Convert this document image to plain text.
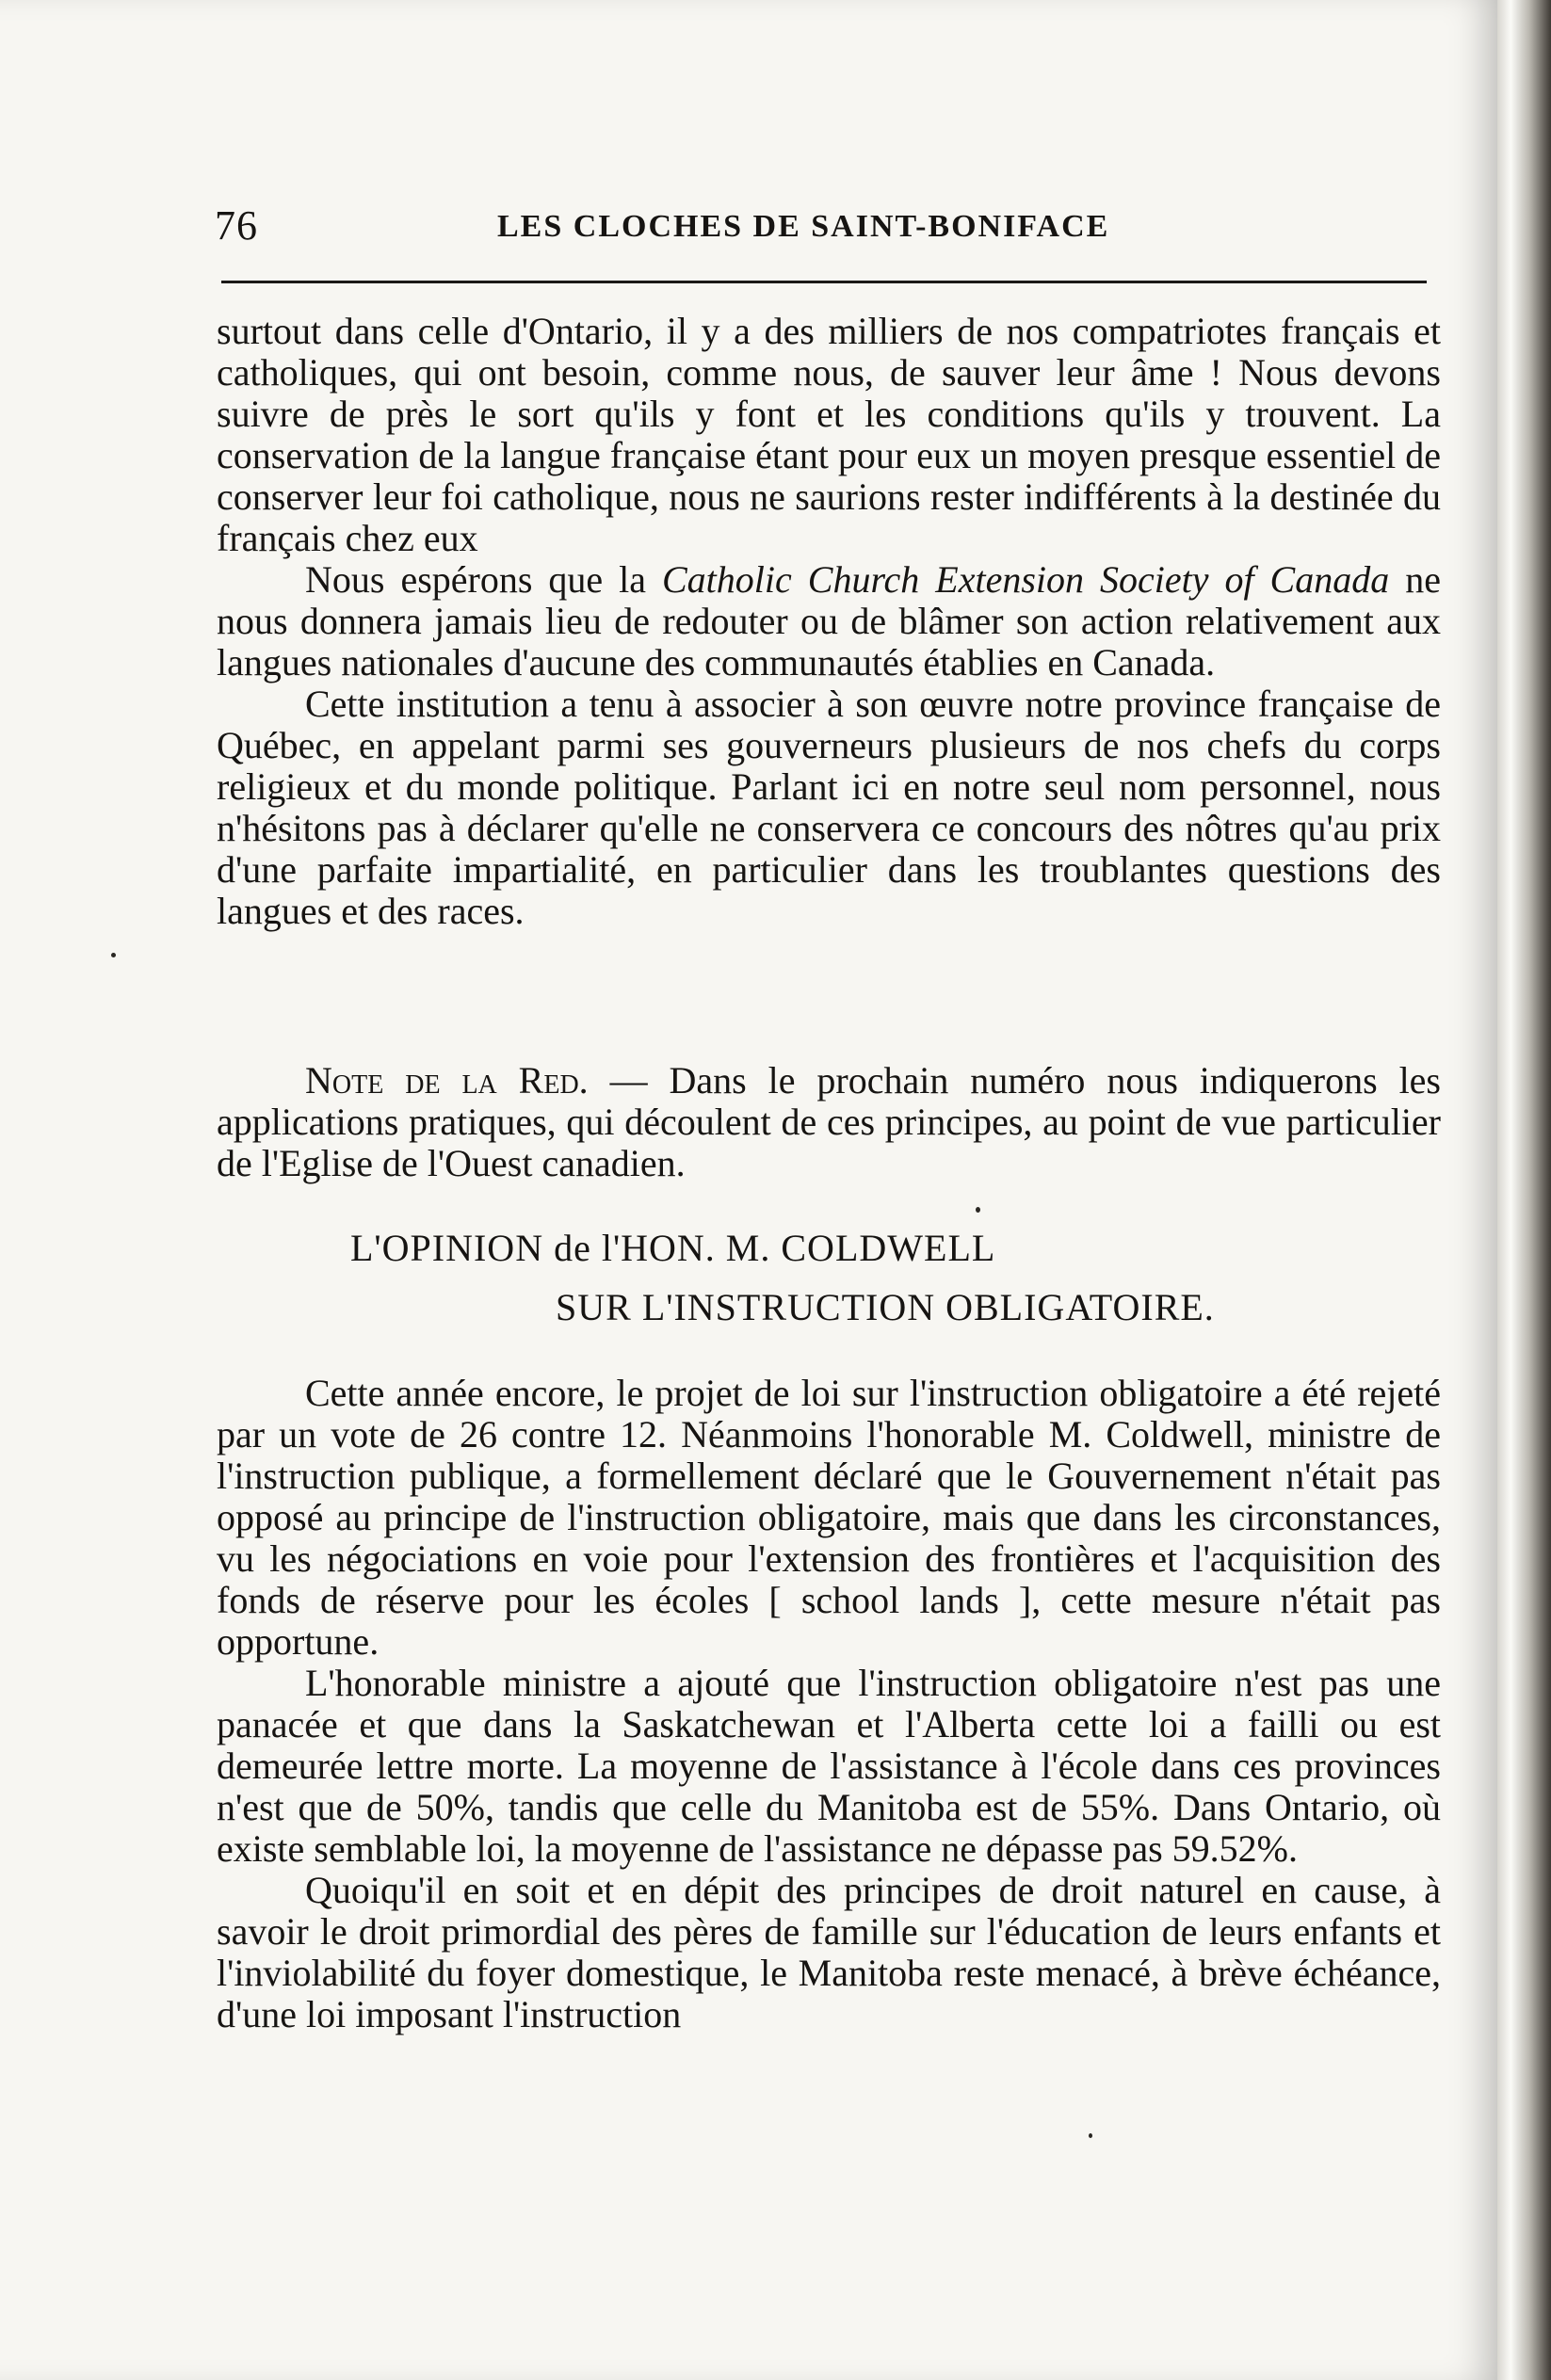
76	LES CLOCHES DE SAINT-BONIFACE

surtout dans celle d'Ontario, il y a des milliers de nos compatriotes français et catholiques, qui ont besoin, comme nous, de sauver leur âme ! Nous devons suivre de près le sort qu'ils y font et les conditions qu'ils y trouvent. La conservation de la langue française étant pour eux un moyen presque essentiel de conserver leur foi catholique, nous ne saurions rester indifférents à la destinée du français chez eux

Nous espérons que la Catholic Church Extension Society of Canada ne nous donnera jamais lieu de redouter ou de blâmer son action relativement aux langues nationales d'aucune des communautés établies en Canada.

Cette institution a tenu à associer à son œuvre notre province française de Québec, en appelant parmi ses gouverneurs plusieurs de nos chefs du corps religieux et du monde politique. Parlant ici en notre seul nom personnel, nous n'hésitons pas à déclarer qu'elle ne conservera ce concours des nôtres qu'au prix d'une parfaite impartialité, en particulier dans les troublantes questions des langues et des races.

Note de la Red. — Dans le prochain numéro nous indiquerons les applications pratiques, qui découlent de ces principes, au point de vue particulier de l'Eglise de l'Ouest canadien.

L'OPINION de l'HON. M. COLDWELL
SUR L'INSTRUCTION OBLIGATOIRE.

Cette année encore, le projet de loi sur l'instruction obligatoire a été rejeté par un vote de 26 contre 12. Néanmoins l'honorable M. Coldwell, ministre de l'instruction publique, a formellement déclaré que le Gouvernement n'était pas opposé au principe de l'instruction obligatoire, mais que dans les circonstances, vu les négociations en voie pour l'extension des frontières et l'acquisition des fonds de réserve pour les écoles [ school lands ], cette mesure n'était pas opportune.

L'honorable ministre a ajouté que l'instruction obligatoire n'est pas une panacée et que dans la Saskatchewan et l'Alberta cette loi a failli ou est demeurée lettre morte. La moyenne de l'assistance à l'école dans ces provinces n'est que de 50%, tandis que celle du Manitoba est de 55%. Dans Ontario, où existe semblable loi, la moyenne de l'assistance ne dépasse pas 59.52%.

Quoiqu'il en soit et en dépit des principes de droit naturel en cause, à savoir le droit primordial des pères de famille sur l'éducation de leurs enfants et l'inviolabilité du foyer domestique, le Manitoba reste menacé, à brève échéance, d'une loi imposant l'instruction
